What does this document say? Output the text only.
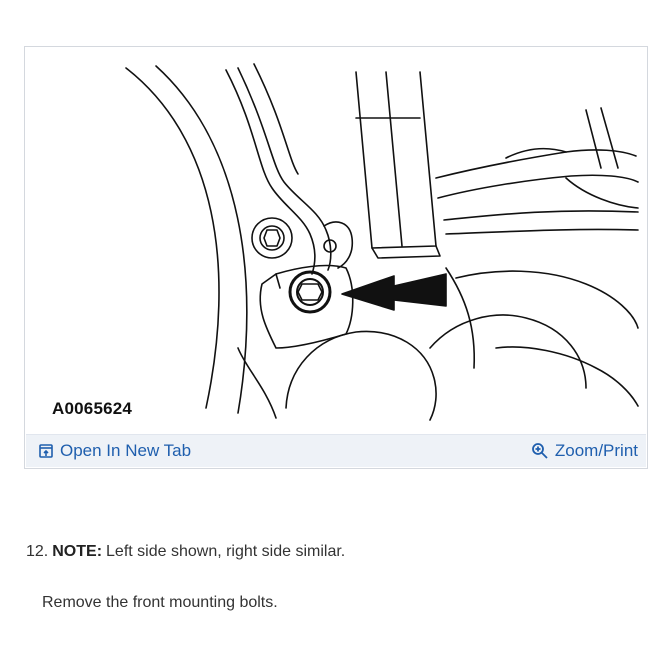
A0065624
Open In New Tab	Zoom/Print
12. NOTE: Left side shown, right side similar.
Remove the front mounting bolts.
